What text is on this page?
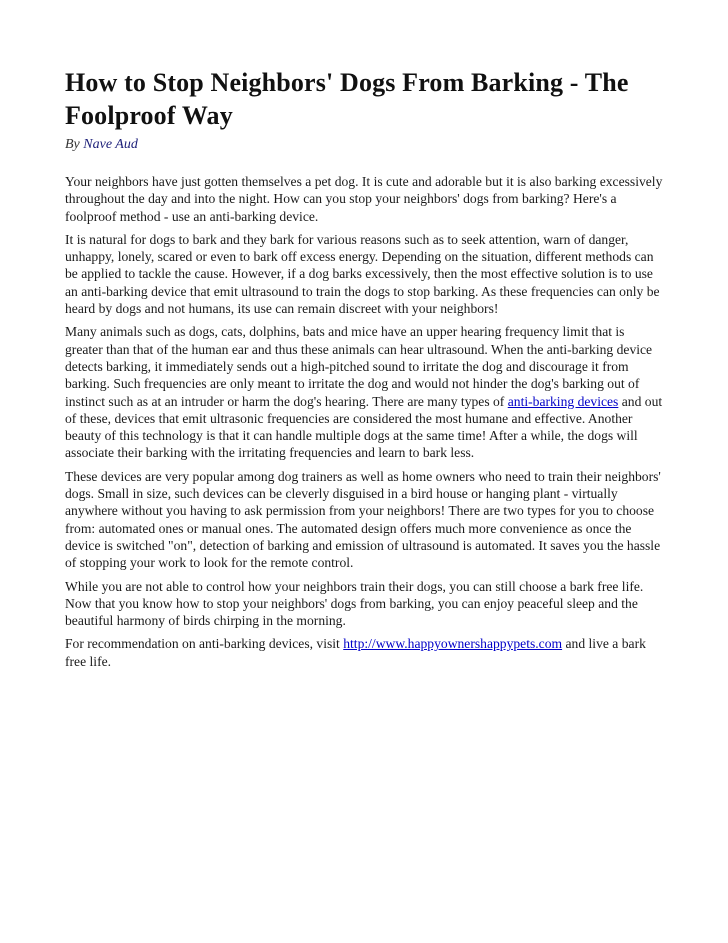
How to Stop Neighbors' Dogs From Barking - The Foolproof Way
By Nave Aud

Your neighbors have just gotten themselves a pet dog. It is cute and adorable but it is also barking excessively throughout the day and into the night. How can you stop your neighbors' dogs from barking? Here's a foolproof method - use an anti-barking device.

It is natural for dogs to bark and they bark for various reasons such as to seek attention, warn of danger, unhappy, lonely, scared or even to bark off excess energy. Depending on the situation, different methods can be applied to tackle the cause. However, if a dog barks excessively, then the most effective solution is to use an anti-barking device that emit ultrasound to train the dogs to stop barking. As these frequencies can only be heard by dogs and not humans, its use can remain discreet with your neighbors!

Many animals such as dogs, cats, dolphins, bats and mice have an upper hearing frequency limit that is greater than that of the human ear and thus these animals can hear ultrasound. When the anti-barking device detects barking, it immediately sends out a high-pitched sound to irritate the dog and discourage it from barking. Such frequencies are only meant to irritate the dog and would not hinder the dog's barking out of instinct such as at an intruder or harm the dog's hearing. There are many types of anti-barking devices and out of these, devices that emit ultrasonic frequencies are considered the most humane and effective. Another beauty of this technology is that it can handle multiple dogs at the same time! After a while, the dogs will associate their barking with the irritating frequencies and learn to bark less.

These devices are very popular among dog trainers as well as home owners who need to train their neighbors' dogs. Small in size, such devices can be cleverly disguised in a bird house or hanging plant - virtually anywhere without you having to ask permission from your neighbors! There are two types for you to choose from: automated ones or manual ones. The automated design offers much more convenience as once the device is switched "on", detection of barking and emission of ultrasound is automated. It saves you the hassle of stopping your work to look for the remote control.

While you are not able to control how your neighbors train their dogs, you can still choose a bark free life. Now that you know how to stop your neighbors' dogs from barking, you can enjoy peaceful sleep and the beautiful harmony of birds chirping in the morning.

For recommendation on anti-barking devices, visit http://www.happyownershappypets.com and live a bark free life.
